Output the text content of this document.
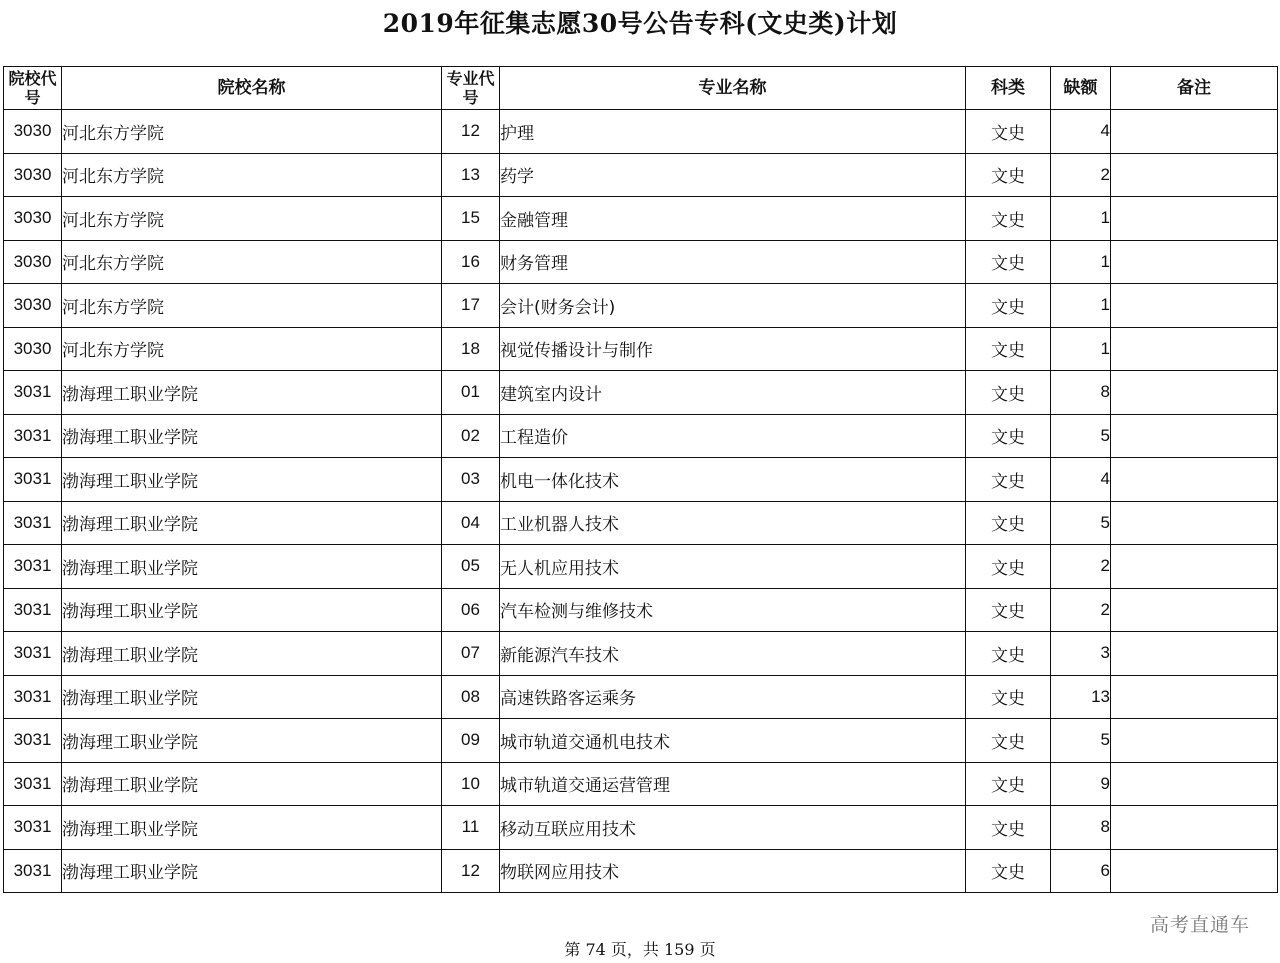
2019年征集志愿30号公告专科(文史类)计划
院校代号	院校名称	专业代号	专业名称	科类	缺额	备注
3030	河北东方学院	12	护理	文史	4	
3030	河北东方学院	13	药学	文史	2	
3030	河北东方学院	15	金融管理	文史	1	
3030	河北东方学院	16	财务管理	文史	1	
3030	河北东方学院	17	会计(财务会计)	文史	1	
3030	河北东方学院	18	视觉传播设计与制作	文史	1	
3031	渤海理工职业学院	01	建筑室内设计	文史	8	
3031	渤海理工职业学院	02	工程造价	文史	5	
3031	渤海理工职业学院	03	机电一体化技术	文史	4	
3031	渤海理工职业学院	04	工业机器人技术	文史	5	
3031	渤海理工职业学院	05	无人机应用技术	文史	2	
3031	渤海理工职业学院	06	汽车检测与维修技术	文史	2	
3031	渤海理工职业学院	07	新能源汽车技术	文史	3	
3031	渤海理工职业学院	08	高速铁路客运乘务	文史	13	
3031	渤海理工职业学院	09	城市轨道交通机电技术	文史	5	
3031	渤海理工职业学院	10	城市轨道交通运营管理	文史	9	
3031	渤海理工职业学院	11	移动互联应用技术	文史	8	
3031	渤海理工职业学院	12	物联网应用技术	文史	6	
高考直通车
第 74 页，共 159 页
